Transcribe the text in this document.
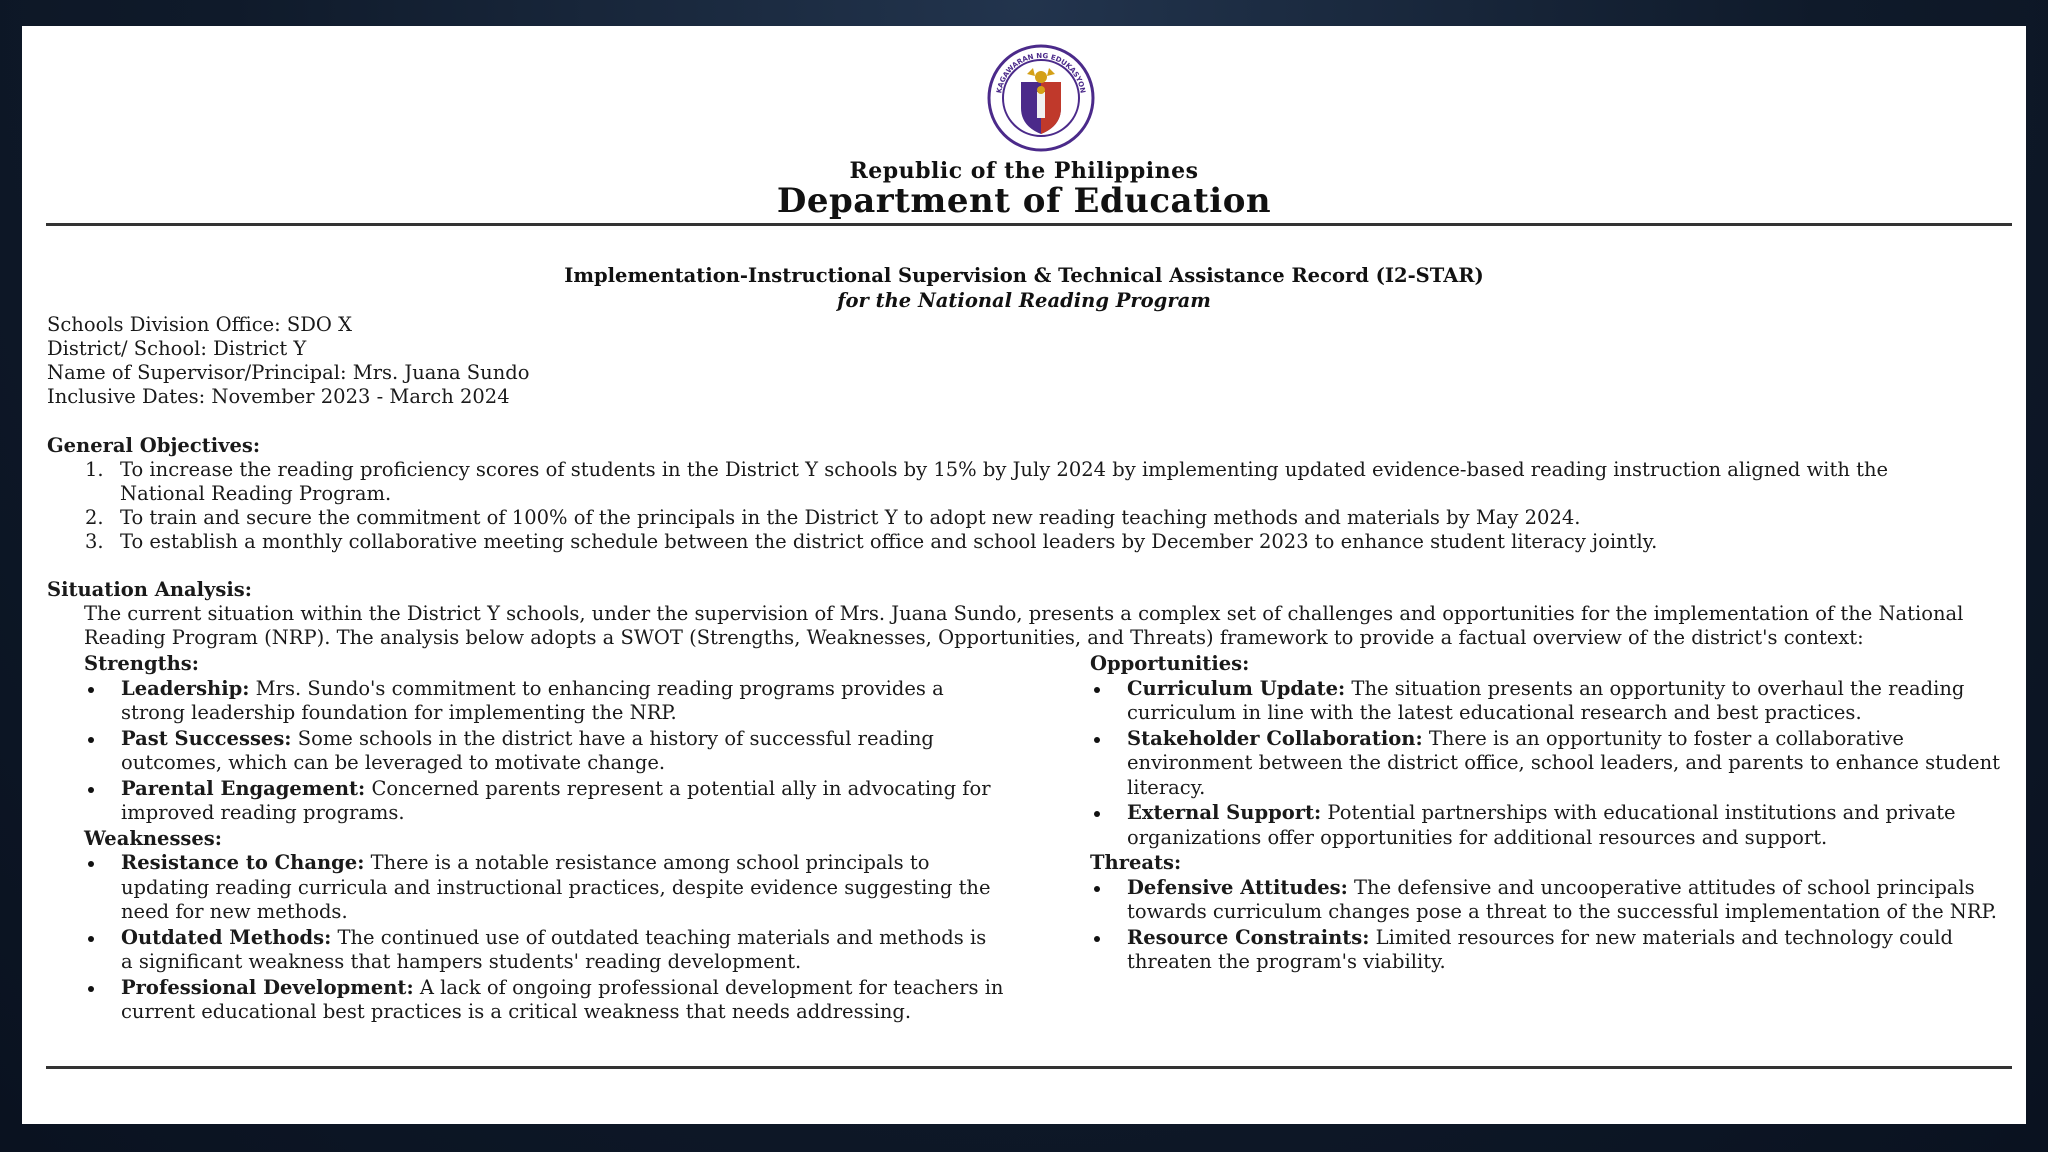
KAGAWARAN NG EDUKASYON
Republic of the Philippines
Department of Education
Implementation-Instructional Supervision & Technical Assistance Record (I2-STAR)
for the National Reading Program
Schools Division Office: SDO X
District/ School: District Y
Name of Supervisor/Principal: Mrs. Juana Sundo
Inclusive Dates: November 2023 - March 2024
General Objectives:
1. To increase the reading proficiency scores of students in the District Y schools by 15% by July 2024 by implementing updated evidence-based reading instruction aligned with the National Reading Program.
2. To train and secure the commitment of 100% of the principals in the District Y to adopt new reading teaching methods and materials by May 2024.
3. To establish a monthly collaborative meeting schedule between the district office and school leaders by December 2023 to enhance student literacy jointly.
Situation Analysis:
The current situation within the District Y schools, under the supervision of Mrs. Juana Sundo, presents a complex set of challenges and opportunities for the implementation of the National Reading Program (NRP). The analysis below adopts a SWOT (Strengths, Weaknesses, Opportunities, and Threats) framework to provide a factual overview of the district's context:
Strengths:
Leadership: Mrs. Sundo's commitment to enhancing reading programs provides a strong leadership foundation for implementing the NRP.
Past Successes: Some schools in the district have a history of successful reading outcomes, which can be leveraged to motivate change.
Parental Engagement: Concerned parents represent a potential ally in advocating for improved reading programs.
Weaknesses:
Resistance to Change: There is a notable resistance among school principals to updating reading curricula and instructional practices, despite evidence suggesting the need for new methods.
Outdated Methods: The continued use of outdated teaching materials and methods is a significant weakness that hampers students' reading development.
Professional Development: A lack of ongoing professional development for teachers in current educational best practices is a critical weakness that needs addressing.
Opportunities:
Curriculum Update: The situation presents an opportunity to overhaul the reading curriculum in line with the latest educational research and best practices.
Stakeholder Collaboration: There is an opportunity to foster a collaborative environment between the district office, school leaders, and parents to enhance student literacy.
External Support: Potential partnerships with educational institutions and private organizations offer opportunities for additional resources and support.
Threats:
Defensive Attitudes: The defensive and uncooperative attitudes of school principals towards curriculum changes pose a threat to the successful implementation of the NRP.
Resource Constraints: Limited resources for new materials and technology could threaten the program's viability.
